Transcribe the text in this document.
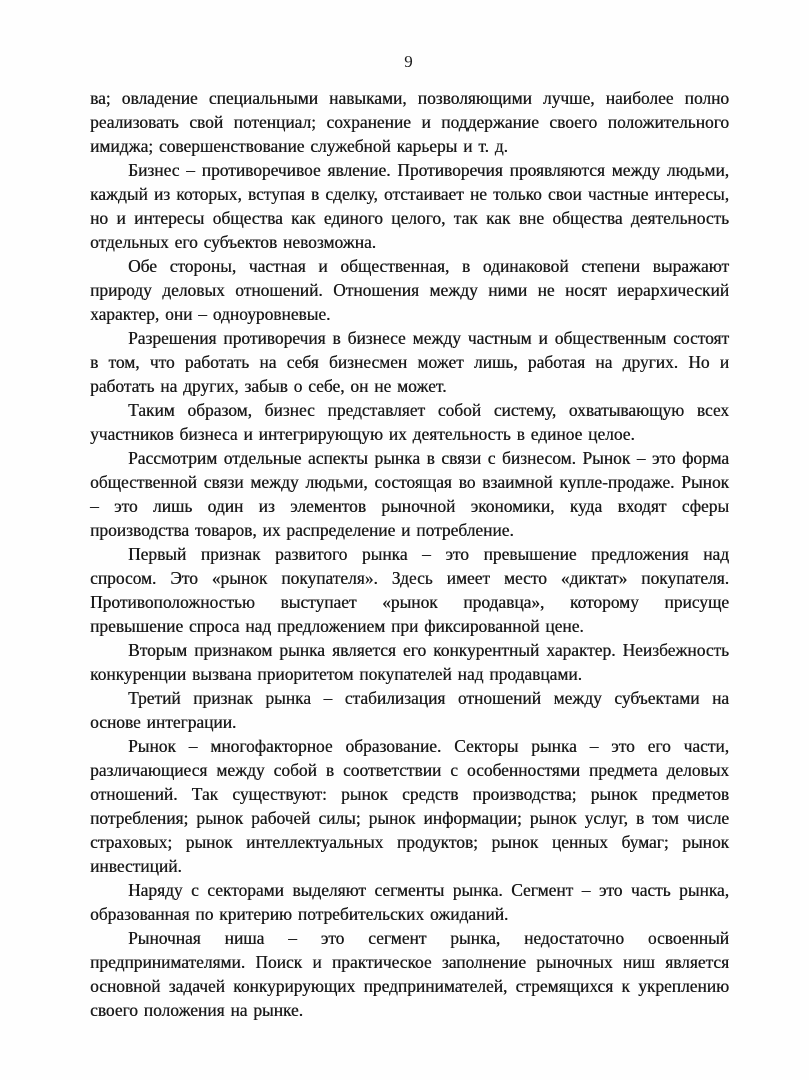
9

ва; овладение специальными навыками, позволяющими лучше, наиболее полно реализовать свой потенциал; сохранение и поддержание своего положительного имиджа; совершенствование служебной карьеры и т. д.

Бизнес – противоречивое явление. Противоречия проявляются между людьми, каждый из которых, вступая в сделку, отстаивает не только свои частные интересы, но и интересы общества как единого целого, так как вне общества деятельность отдельных его субъектов невозможна.

Обе стороны, частная и общественная, в одинаковой степени выражают природу деловых отношений. Отношения между ними не носят иерархический характер, они – одноуровневые.

Разрешения противоречия в бизнесе между частным и общественным состоят в том, что работать на себя бизнесмен может лишь, работая на других. Но и работать на других, забыв о себе, он не может.

Таким образом, бизнес представляет собой систему, охватывающую всех участников бизнеса и интегрирующую их деятельность в единое целое.

Рассмотрим отдельные аспекты рынка в связи с бизнесом. Рынок – это форма общественной связи между людьми, состоящая во взаимной купле-продаже. Рынок – это лишь один из элементов рыночной экономики, куда входят сферы производства товаров, их распределение и потребление.

Первый признак развитого рынка – это превышение предложения над спросом. Это «рынок покупателя». Здесь имеет место «диктат» покупателя. Противоположностью выступает «рынок продавца», которому присуще превышение спроса над предложением при фиксированной цене.

Вторым признаком рынка является его конкурентный характер. Неизбежность конкуренции вызвана приоритетом покупателей над продавцами.

Третий признак рынка – стабилизация отношений между субъектами на основе интеграции.

Рынок – многофакторное образование. Секторы рынка – это его части, различающиеся между собой в соответствии с особенностями предмета деловых отношений. Так существуют: рынок средств производства; рынок предметов потребления; рынок рабочей силы; рынок информации; рынок услуг, в том числе страховых; рынок интеллектуальных продуктов; рынок ценных бумаг; рынок инвестиций.

Наряду с секторами выделяют сегменты рынка. Сегмент – это часть рынка, образованная по критерию потребительских ожиданий.

Рыночная ниша – это сегмент рынка, недостаточно освоенный предпринимателями. Поиск и практическое заполнение рыночных ниш является основной задачей конкурирующих предпринимателей, стремящихся к укреплению своего положения на рынке.
